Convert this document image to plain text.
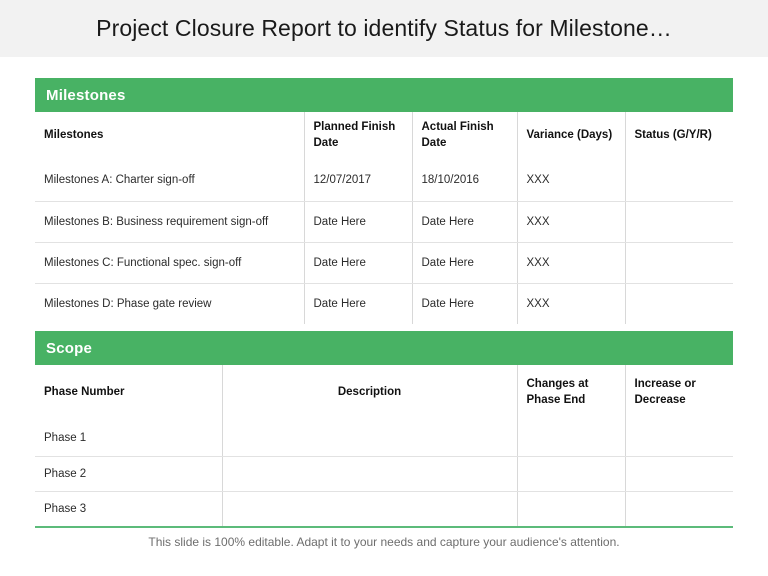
Project Closure Report to identify Status for Milestone…
Milestones
Milestones	Planned Finish Date	Actual Finish Date	Variance (Days)	Status (G/Y/R)
Milestones A: Charter sign-off	12/07/2017	18/10/2016	XXX	
Milestones B: Business requirement sign-off	Date Here	Date Here	XXX	
Milestones C: Functional spec. sign-off	Date Here	Date Here	XXX	
Milestones D: Phase gate review	Date Here	Date Here	XXX	
Scope
Phase Number	Description	Changes at Phase End	Increase or Decrease
Phase 1			
Phase 2			
Phase 3			
This slide is 100% editable. Adapt it to your needs and capture your audience's attention.
